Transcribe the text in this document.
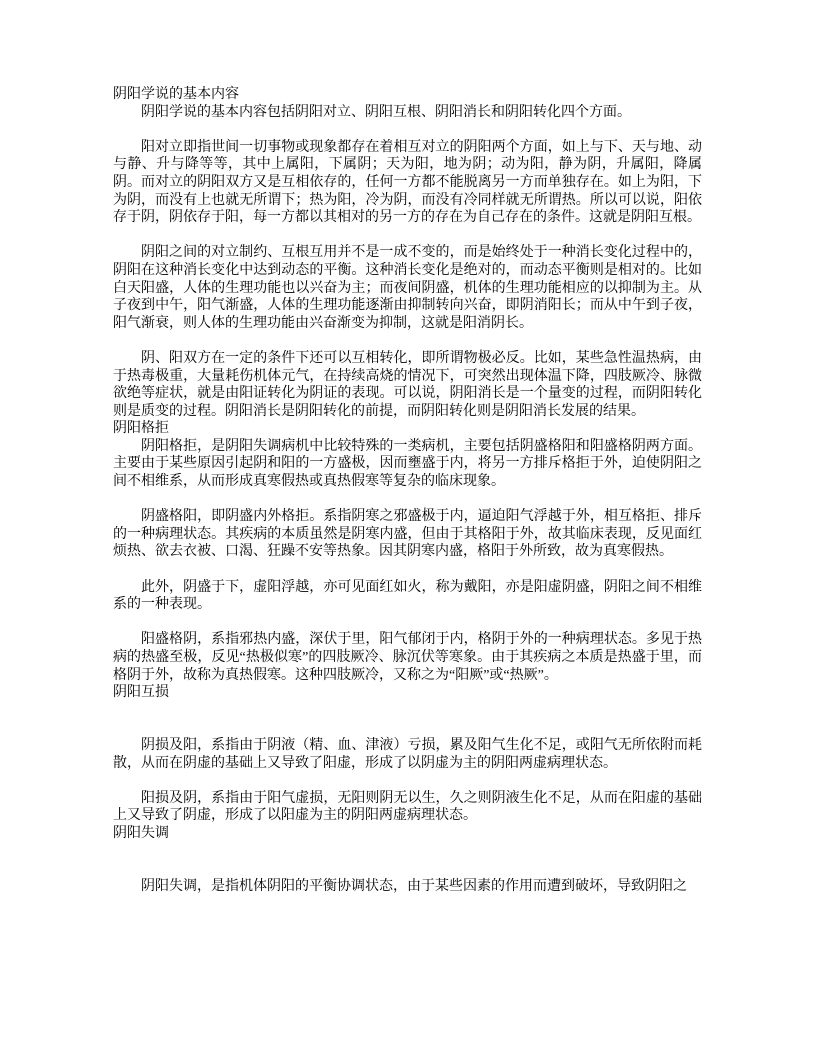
阴阳学说的基本内容

阴阳学说的基本内容包括阴阳对立、阴阳互根、阴阳消长和阴阳转化四个方面。

阳对立即指世间一切事物或现象都存在着相互对立的阴阳两个方面，如上与下、天与地、动与静、升与降等等，其中上属阳，下属阴；天为阳，地为阴；动为阳，静为阴，升属阳，降属阴。而对立的阴阳双方又是互相依存的，任何一方都不能脱离另一方而单独存在。如上为阳，下为阴，而没有上也就无所谓下；热为阳，冷为阴，而没有冷同样就无所谓热。所以可以说，阳依存于阴，阴依存于阳，每一方都以其相对的另一方的存在为自己存在的条件。这就是阴阳互根。

阴阳之间的对立制约、互根互用并不是一成不变的，而是始终处于一种消长变化过程中的，阴阳在这种消长变化中达到动态的平衡。这种消长变化是绝对的，而动态平衡则是相对的。比如白天阳盛，人体的生理功能也以兴奋为主；而夜间阴盛，机体的生理功能相应的以抑制为主。从子夜到中午，阳气渐盛，人体的生理功能逐渐由抑制转向兴奋，即阴消阳长；而从中午到子夜，阳气渐衰，则人体的生理功能由兴奋渐变为抑制，这就是阳消阴长。

阴、阳双方在一定的条件下还可以互相转化，即所谓物极必反。比如，某些急性温热病，由于热毒极重，大量耗伤机体元气，在持续高烧的情况下，可突然出现体温下降，四肢厥冷、脉微欲绝等症状，就是由阳证转化为阴证的表现。可以说，阴阳消长是一个量变的过程，而阴阳转化则是质变的过程。阴阳消长是阴阳转化的前提，而阴阳转化则是阴阳消长发展的结果。

阴阳格拒

阴阳格拒，是阴阳失调病机中比较特殊的一类病机，主要包括阴盛格阳和阳盛格阴两方面。主要由于某些原因引起阴和阳的一方盛极，因而壅盛于内，将另一方排斥格拒于外，迫使阴阳之间不相维系，从而形成真寒假热或真热假寒等复杂的临床现象。

阴盛格阳，即阴盛内外格拒。系指阴寒之邪盛极于内，逼迫阳气浮越于外，相互格拒、排斥的一种病理状态。其疾病的本质虽然是阴寒内盛，但由于其格阳于外，故其临床表现，反见面红烦热、欲去衣被、口渴、狂躁不安等热象。因其阴寒内盛，格阳于外所致，故为真寒假热。

此外，阴盛于下，虚阳浮越，亦可见面红如火，称为戴阳，亦是阳虚阴盛，阴阳之间不相维系的一种表现。

阳盛格阴，系指邪热内盛，深伏于里，阳气郁闭于内，格阴于外的一种病理状态。多见于热病的热盛至极，反见“热极似寒”的四肢厥冷、脉沉伏等寒象。由于其疾病之本质是热盛于里，而格阴于外，故称为真热假寒。这种四肢厥冷，又称之为“阳厥”或“热厥”。

阴阳互损

阴损及阳，系指由于阴液（精、血、津液）亏损，累及阳气生化不足，或阳气无所依附而耗散，从而在阴虚的基础上又导致了阳虚，形成了以阴虚为主的阴阳两虚病理状态。

阳损及阴，系指由于阳气虚损，无阳则阴无以生，久之则阴液生化不足，从而在阳虚的基础上又导致了阴虚，形成了以阳虚为主的阴阳两虚病理状态。

阴阳失调

阴阳失调，是指机体阴阳的平衡协调状态，由于某些因素的作用而遭到破坏，导致阴阳之
